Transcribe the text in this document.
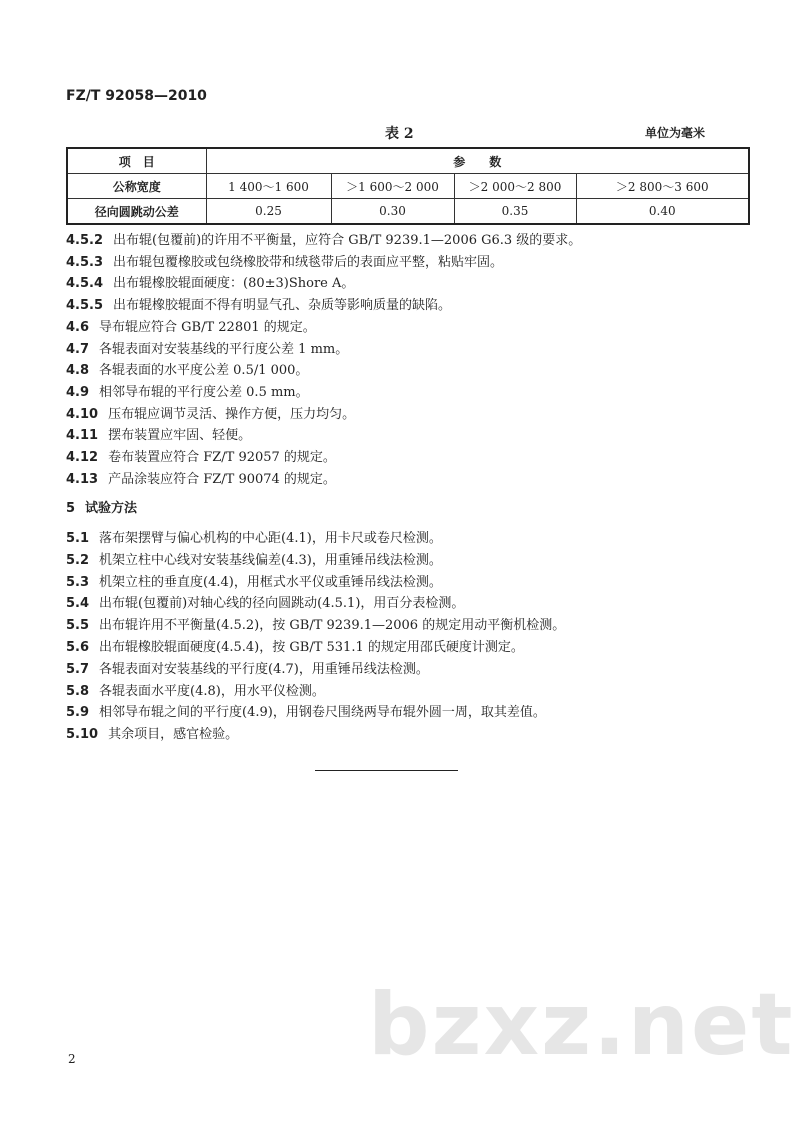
FZ/T 92058—2010
表 2	单位为毫米
项　目	参　　数			
公称宽度	1 400～1 600	＞1 600～2 000	＞2 000～2 800	＞2 800～3 600
径向圆跳动公差	0.25	0.30	0.35	0.40
4.5.2 出布辊(包覆前)的许用不平衡量，应符合 GB/T 9239.1—2006 G6.3 级的要求。
4.5.3 出布辊包覆橡胶或包绕橡胶带和绒毯带后的表面应平整，粘贴牢固。
4.5.4 出布辊橡胶辊面硬度：(80±3)Shore A。
4.5.5 出布辊橡胶辊面不得有明显气孔、杂质等影响质量的缺陷。
4.6 导布辊应符合 GB/T 22801 的规定。
4.7 各辊表面对安装基线的平行度公差 1 mm。
4.8 各辊表面的水平度公差 0.5/1 000。
4.9 相邻导布辊的平行度公差 0.5 mm。
4.10 压布辊应调节灵活、操作方便，压力均匀。
4.11 摆布装置应牢固、轻便。
4.12 卷布装置应符合 FZ/T 92057 的规定。
4.13 产品涂装应符合 FZ/T 90074 的规定。
5 试验方法
5.1 落布架摆臂与偏心机构的中心距(4.1)，用卡尺或卷尺检测。
5.2 机架立柱中心线对安装基线偏差(4.3)，用重锤吊线法检测。
5.3 机架立柱的垂直度(4.4)，用框式水平仪或重锤吊线法检测。
5.4 出布辊(包覆前)对轴心线的径向圆跳动(4.5.1)，用百分表检测。
5.5 出布辊许用不平衡量(4.5.2)，按 GB/T 9239.1—2006 的规定用动平衡机检测。
5.6 出布辊橡胶辊面硬度(4.5.4)，按 GB/T 531.1 的规定用邵氏硬度计测定。
5.7 各辊表面对安装基线的平行度(4.7)，用重锤吊线法检测。
5.8 各辊表面水平度(4.8)，用水平仪检测。
5.9 相邻导布辊之间的平行度(4.9)，用钢卷尺围绕两导布辊外圆一周，取其差值。
5.10 其余项目，感官检验。
bzxz.net
2
